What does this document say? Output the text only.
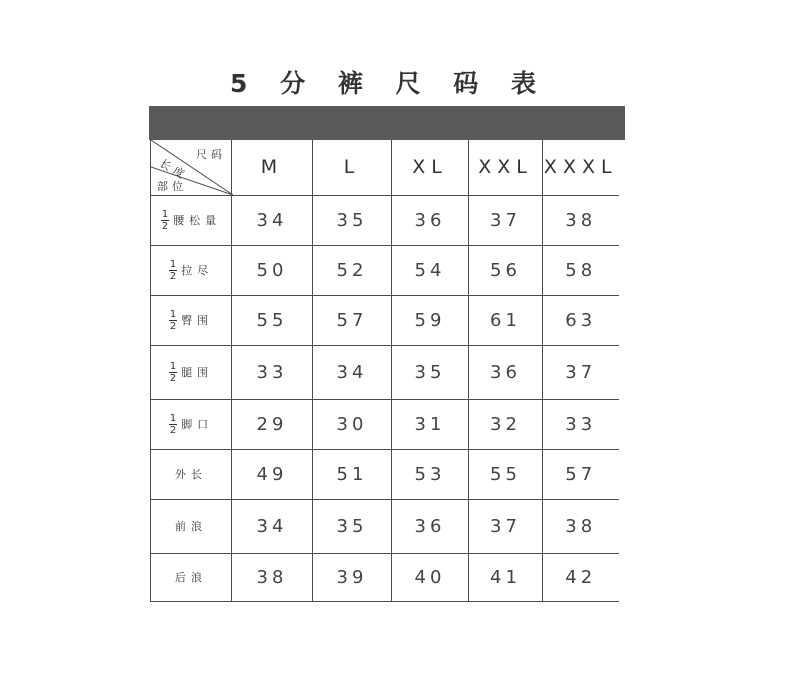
5 分 裤 尺 码 表
尺码
长度
部位	M	L	XL	XXL	XXXL

$\frac{1}{2}$ 腰松量	34	35	36	37	38

$\frac{1}{2}$ 拉尽	50	52	54	56	58

$\frac{1}{2}$ 臀围	55	57	59	61	63

$\frac{1}{2}$ 腿围	33	34	35	36	37

$\frac{1}{2}$ 脚口	29	30	31	32	33
外长	49	51	53	55	57
前浪	34	35	36	37	38
后浪	38	39	40	41	42
